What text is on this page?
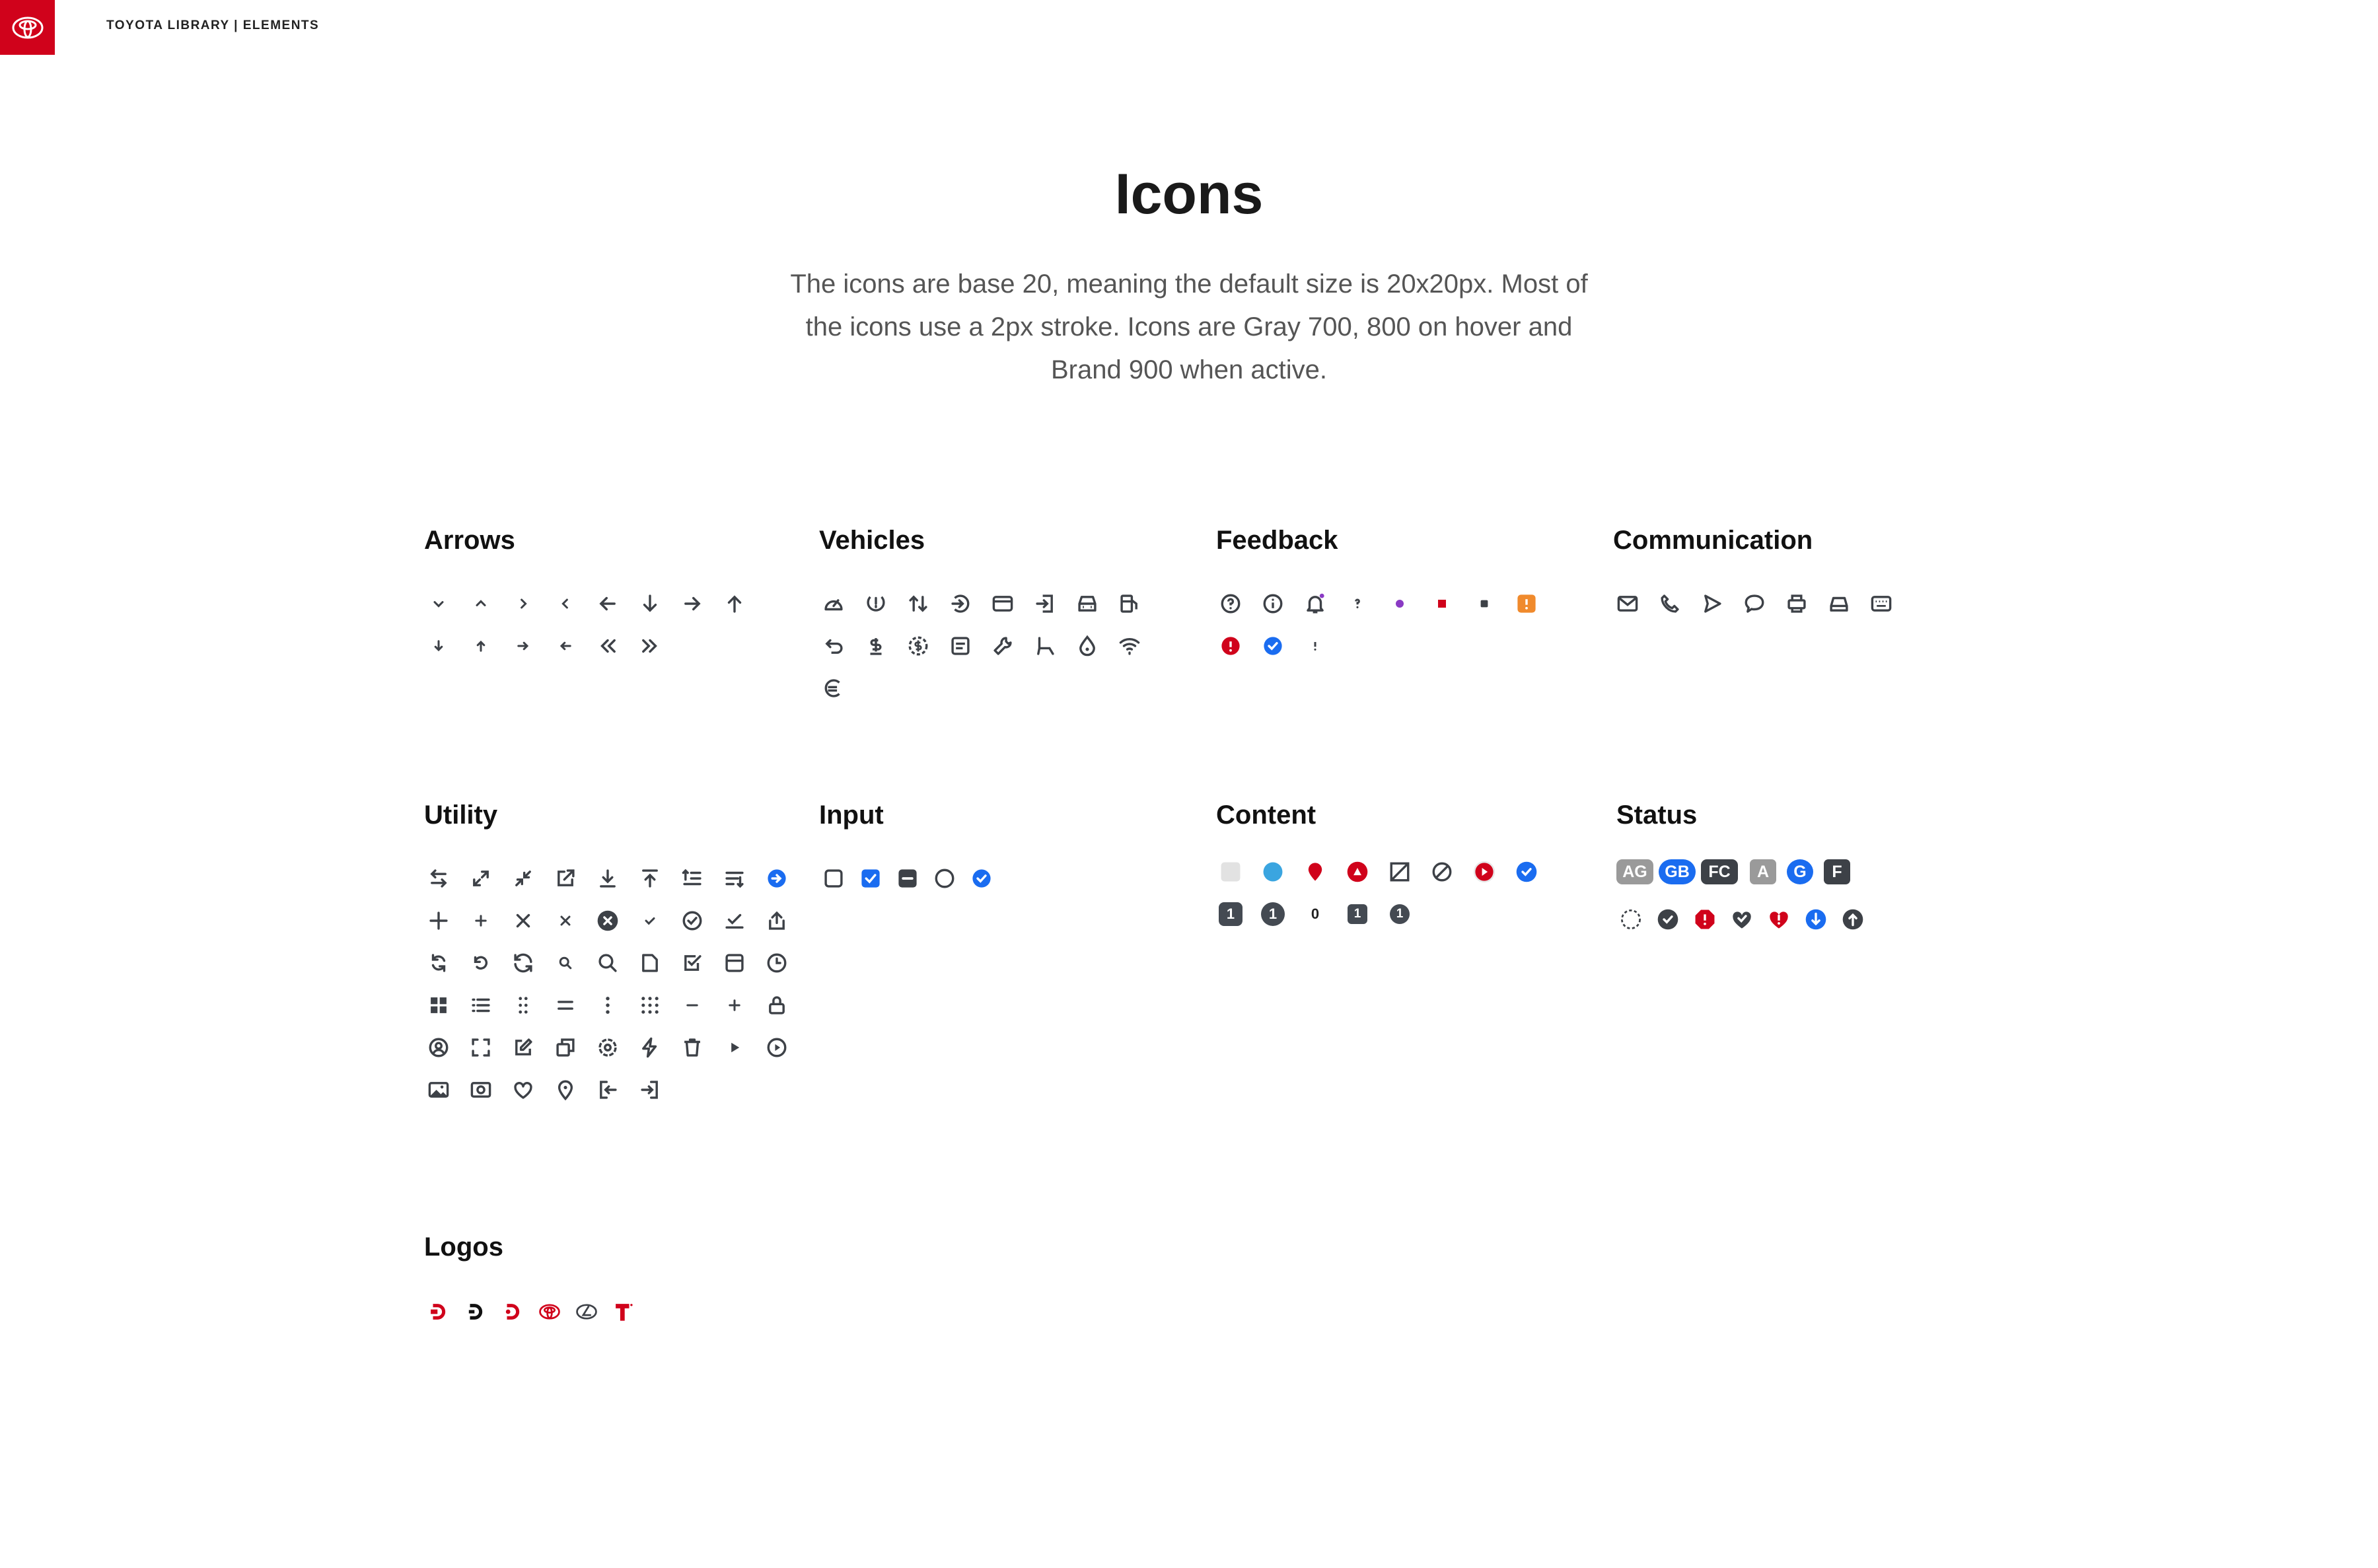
TOYOTA LIBRARY | ELEMENTS
Icons
The icons are base 20, meaning the default size is 20x20px. Most of the icons use a 2px stroke. Icons are Gray 700, 800 on hover and Brand 900 when active.
Arrows	Vehicles	Feedback	Communication
Utility	Input	Content
1	1	0	1	1
Status
AG	GB	FC	A	G	F
Logos
